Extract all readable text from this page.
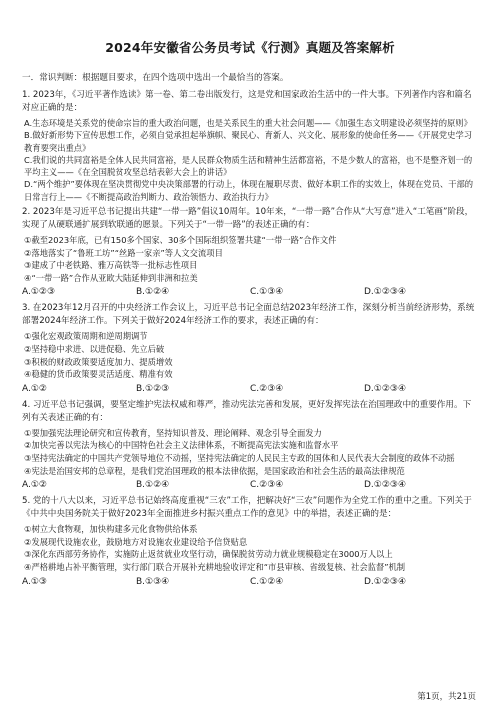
2024年安徽省公务员考试《行测》真题及答案解析
一．常识判断：根据题目要求，在四个选项中选出一个最恰当的答案。
1. 2023年，《习近平著作选读》第一卷、第二卷出版发行，这是党和国家政治生活中的一件大事。下列著作内容和篇名对应正确的是：
A.生态环境是关系党的使命宗旨的重大政治问题，也是关系民生的重大社会问题——《加强生态文明建设必须坚持的原则》
B.做好新形势下宣传思想工作，必须自觉承担起举旗帜、聚民心、育新人、兴文化、展形象的使命任务——《开展党史学习教育要突出重点》
C.我们说的共同富裕是全体人民共同富裕，是人民群众物质生活和精神生活都富裕，不是少数人的富裕，也不是整齐划一的平均主义——《在全国脱贫攻坚总结表彰大会上的讲话》
D.“两个维护”要体现在坚决贯彻党中央决策部署的行动上，体现在履职尽责、做好本职工作的实效上，体现在党员、干部的日常言行上——《不断提高政治判断力、政治领悟力、政治执行力》
2. 2023年是习近平总书记提出共建“一带一路”倡议10周年。10年来，“一带一路”合作从“大写意”进入“工笔画”阶段，实现了从硬联通扩展到软联通的愿景。下列关于“一带一路”的表述正确的有：
①截至2023年底，已有150多个国家、30多个国际组织签署共建“一带一路”合作文件
②落地落实了“鲁班工坊”“丝路一家亲”等人文交流项目
③建成了中老铁路、雅万高铁等一批标志性项目
④“一带一路”合作从亚欧大陆延伸到非洲和拉美
A.①②③	B.①②④	C.①③④	D.①②③④
3. 在2023年12月召开的中央经济工作会议上，习近平总书记全面总结2023年经济工作，深刻分析当前经济形势，系统部署2024年经济工作。下列关于做好2024年经济工作的要求，表述正确的有：
①强化宏观政策周期和逆周期调节
②坚持稳中求进、以进促稳、先立后破
③积极的财政政策要适度加力、提质增效
④稳健的货币政策要灵活适度、精准有效
A.①②	B.①②③	C.②③④	D.①②③④
4. 习近平总书记强调，要坚定维护宪法权威和尊严，推动宪法完善和发展，更好发挥宪法在治国理政中的重要作用。下列有关表述正确的有：
①要加强宪法理论研究和宣传教育，坚持知识普及、理论阐释、观念引导全面发力
②加快完善以宪法为核心的中国特色社会主义法律体系，不断提高宪法实施和监督水平
③坚持宪法确定的中国共产党领导地位不动摇，坚持宪法确定的人民民主专政的国体和人民代表大会制度的政体不动摇
④宪法是治国安邦的总章程，是我们党治国理政的根本法律依据，是国家政治和社会生活的最高法律规范
A.①②	B.①②④	C.②③④	D.①②③④
5. 党的十八大以来，习近平总书记始终高度重视“三农”工作，把解决好“三农”问题作为全党工作的重中之重。下列关于《中共中央国务院关于做好2023年全面推进乡村振兴重点工作的意见》中的举措，表述正确的是：
①树立大食物观，加快构建多元化食物供给体系
②发展现代设施农业，鼓励地方对设施农业建设给予信贷贴息
③深化东西部劳务协作，实施防止返贫就业攻坚行动，确保脱贫劳动力就业规模稳定在3000万人以上
④严格耕地占补平衡管理，实行部门联合开展补充耕地验收评定和“市县审核、省级复核、社会监督”机制
A.①③	B.①③④	C.①②④	D.①②③④
第1页，共21页
